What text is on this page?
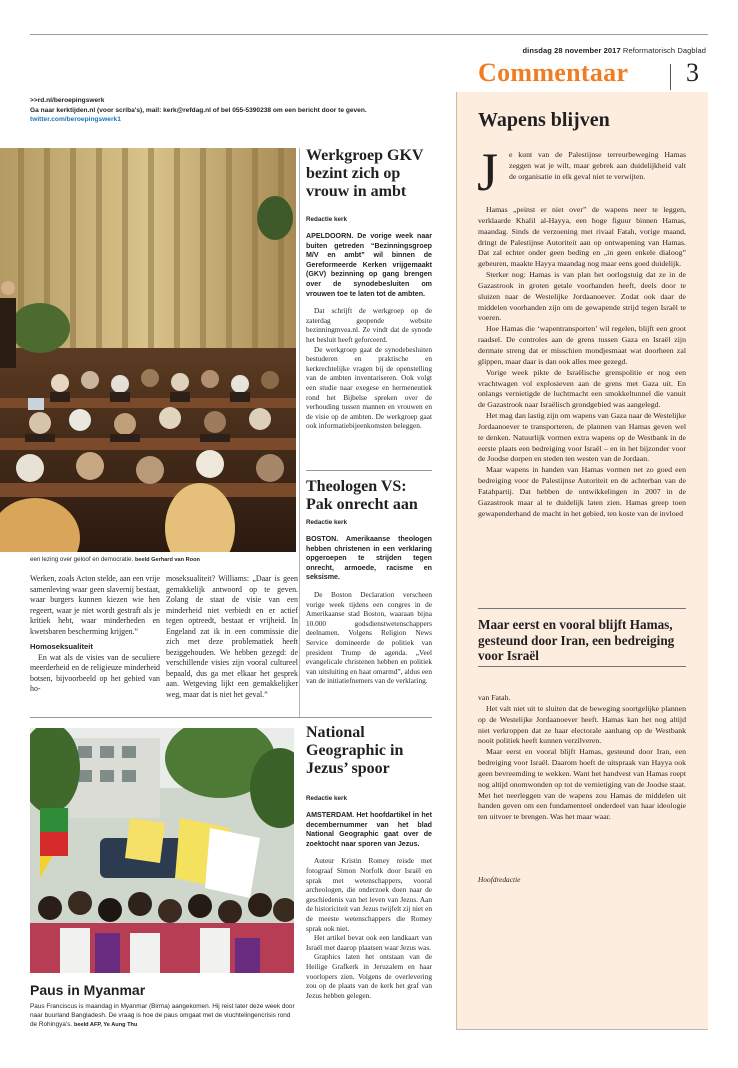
dinsdag 28 november 2017 Reformatorisch Dagblad
Commentaar 3
>>rd.nl/beroepingswerk
Ga naar kerktijden.nl (voor scriba's), mail: kerk@refdag.nl of bel 055-5390238 om een bericht door te geven.
twitter.com/beroepingswerk1	Wapens blijven
J e kunt van de Palestijnse terreurbeweging Hamas zeggen wat je wilt, maar gebrek aan duidelijkheid valt de organisatie in elk geval niet te verwijten.

Hamas „peinst er niet over” de wapens neer te leggen, verklaarde Khalil al-Hayya, een hoge figuur binnen Hamas, maandag. Sinds de verzoening met rivaal Fatah, vorige maand, dringt de Palestijnse Autoriteit aan op ontwapening van Hamas. Dat zal echter onder geen beding en „in geen enkele dialoog” gebeuren, maakte Hayya maandag nog maar eens goed duidelijk.

Sterker nog: Hamas is van plan het oorlogstuig dat ze in de Gazastrook in groten getale voorhanden heeft, deels door te sluizen naar de Westelijke Jordaanoever. Zodat ook daar de middelen voorhanden zijn om de gewapende strijd tegen Israël te voeren.

Hoe Hamas die ‘wapentransporten’ wil regelen, blijft een groot raadsel. De controles aan de grens tussen Gaza en Israël zijn dermate streng dat er misschien mondjesmaat wat doorheen zal glippen, maar daar is dan ook alles mee gezegd.

Vorige week pikte de Israëlische grenspolitie er nog een vrachtwagen vol explosieven aan de grens met Gaza uit. En onlangs vernietigde de luchtmacht een smokkeltunnel die vanuit de Gazastrook naar Israëlisch grondgebied was aangelegd.

Het mag dan lastig zijn om wapens van Gaza naar de Westelijke Jordaanoever te transporteren, de plannen van Hamas geven wel te denken. Natuurlijk vormen extra wapens op de Westbank in de eerste plaats een bedreiging voor Israël – en in het bijzonder voor de Joodse dorpen en steden ten westen van de Jordaan.

Maar wapens in handen van Hamas vormen net zo goed een bedreiging voor de Palestijnse Autoriteit en de achterban van de Fatahpartij. Dat hebben de ontwikkelingen in 2007 in de Gazastrook maar al te duidelijk laten zien. Hamas greep toen gewapenderhand de macht in het gebied, ten koste van de invloed

Maar eerst en vooral blijft Hamas, gesteund door Iran, een bedreiging voor Israël

van Fatah.

Het valt niet uit te sluiten dat de beweging soortgelijke plannen op de Westelijke Jordaanoever heeft. Hamas kan het nog altijd niet verkroppen dat ze haar electorale aanhang op de Westbank nooit politiek heeft kunnen verzilveren.

Maar eerst en vooral blijft Hamas, gesteund door Iran, een bedreiging voor Israël. Daarom hoeft de uitspraak van Hayya ook geen bevreemding te wekken. Want het handvest van Hamas roept nog altijd onomwonden op tot de vernietiging van de Joodse staat. Met het neerleggen van de wapens zou Hamas de middelen uit handen geven om een fundamenteel onderdeel van haar ideologie ten uitvoer te brengen. Was het maar waar.

Hoofdredactie
een lezing over geloof en democratie. beeld Gerhard van Roon

Werken, zoals Acton stelde, aan een vrije samenleving waar geen slavernij bestaat, waar burgers kunnen kiezen wie hen regeert, waar je niet wordt gestraft als je kritiek hebt, waar minderheden en kwetsbaren bescherming krijgen.”

Homoseksualiteit

En wat als de visies van de seculiere meerderheid en de religieuze minderheid botsen, bijvoorbeeld op het gebied van ho-

moseksualiteit? Williams: „Daar is geen gemakkelijk antwoord op te geven. Zolang de staat de visie van een minderheid niet verbiedt en er actief tegen optreedt, bestaat er vrijheid. In Engeland zat ik in een commissie die zich met deze problematiek heeft beziggehouden. We hebben gezegd: de verschillende visies zijn vooral cultureel bepaald, dus ga met elkaar het gesprek aan. Wetgeving lijkt een gemakkelijker weg, maar dat is niet het geval.”

Werkgroep GKV bezint zich op vrouw in ambt
Redactie kerk

APELDOORN. De vorige week naar buiten getreden “Bezinningsgroep M/V en ambt” wil binnen de Gereformeerde Kerken vrijgemaakt (GKV) bezinning op gang brengen over de synodebesluiten om vrouwen toe te laten tot de ambten.

Dat schrijft de werkgroep op de zaterdag geopende website bezinningmvea.nl. Ze vindt dat de synode het besluit heeft geforceerd.

De werkgroep gaat de synodebesluiten bestuderen en praktische en kerkrechtelijke vragen bij de openstelling van de ambten inventariseren. Ook volgt een studie naar exegese en hermeneutiek rond het Bijbelse spreken over de verhouding tussen mannen en vrouwen en de visie op de ambten. De werkgroep gaat ook informatiebijeenkomsten beleggen.

Theologen VS: Pak onrecht aan
Redactie kerk

BOSTON. Amerikaanse theologen hebben christenen in een verklaring opgeroepen te strijden tegen onrecht, armoede, racisme en seksisme.

De Boston Declaration verscheen vorige week tijdens een congres in de Amerikaanse stad Boston, waaraan bijna 10.000 godsdienstwetenschappers deelnamen. Volgens Religion News Service domineerde de politiek van president Trump de agenda. „Veel evangelicale christenen hebben en politiek van uitsluiting en haat omarmd”, aldus een van de initiatiefnemers van de verklaring.

National Geographic in Jezus’ spoor
Redactie kerk

AMSTERDAM. Het hoofdartikel in het decembernummer van het blad National Geographic gaat over de zoektocht naar sporen van Jezus.

Auteur Kristin Romey reisde met fotograaf Simon Norfolk door Israël en sprak met wetenschappers, vooral archeologen, die onderzoek doen naar de geschiedenis van het leven van Jezus. Aan de historiciteit van Jezus twijfelt zij niet en de meeste wetenschappers die Romey sprak ook niet.

Het artikel bevat ook een landkaart van Israël met daarop plaatsen waar Jezus was.

Graphics laten het ontstaan van de Heilige Grafkerk in Jeruzalem en haar voorlopers zien. Volgens de overlevering zou op de plaats van de kerk het graf van Jezus hebben gelegen.

Paus in Myanmar
Paus Franciscus is maandag in Myanmar (Birma) aangekomen. Hij reist later deze week door naar buurland Bangladesh. De vraag is hoe de paus omgaat met de vluchtelingencrisis rond de Rohingya’s. beeld AFP, Ye Aung Thu
